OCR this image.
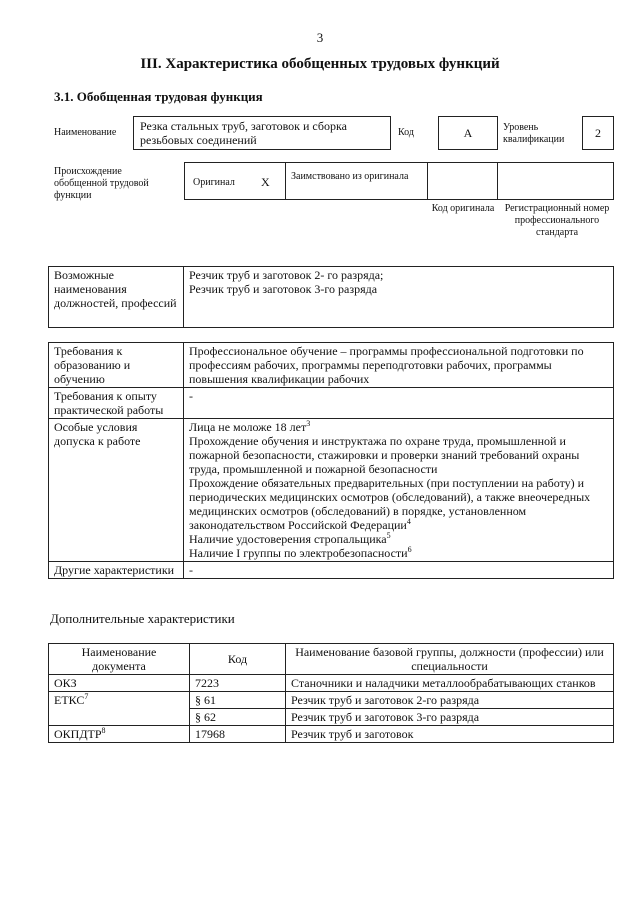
3
III. Характеристика обобщенных трудовых функций
3.1. Обобщенная трудовая функция
Наименование	Резка стальных труб, заготовок и сборка резьбовых соединений
Код	A	Уровень квалификации	2
Происхождение обобщенной трудовой функции
Оригинал X Заимствовано из оригинала
Код оригинала	Регистрационный номер профессионального стандарта
Возможные наименования должностей, профессий	
Резчик труб и заготовок 2- го разряда;
Резчик труб и заготовок 3-го разряда
Требования к образованию и обучению	Профессиональное обучение – программы профессиональной подготовки по профессиям рабочих, программы переподготовки рабочих, программы повышения квалификации рабочих
Требования к опыту практической работы	-
Особые условия допуска к работе	Лица не моложе 18 лет$^3$
Прохождение обучения и инструктажа по охране труда, промышленной и пожарной безопасности, стажировки и проверки знаний требований охраны труда, промышленной и пожарной безопасности
Прохождение обязательных предварительных (при поступлении на работу) и периодических медицинских осмотров (обследований), а также внеочередных медицинских осмотров (обследований) в порядке, установленном законодательством Российской Федерации$^4$
Наличие удостоверения стропальщика$^5$
Наличие I группы по электробезопасности$^6$

Другие характеристики	-
Дополнительные характеристики
Наименование документа	Код	Наименование базовой группы, должности (профессии) или специальности
ОКЗ	7223	Станочники и наладчики металлообрабатывающих станков
ЕТКС$^7$	§ 61	Резчик труб и заготовок 2-го разряда
	§ 62	Резчик труб и заготовок 3-го разряда
ОКПДТР$^8$	17968	Резчик труб и заготовок
